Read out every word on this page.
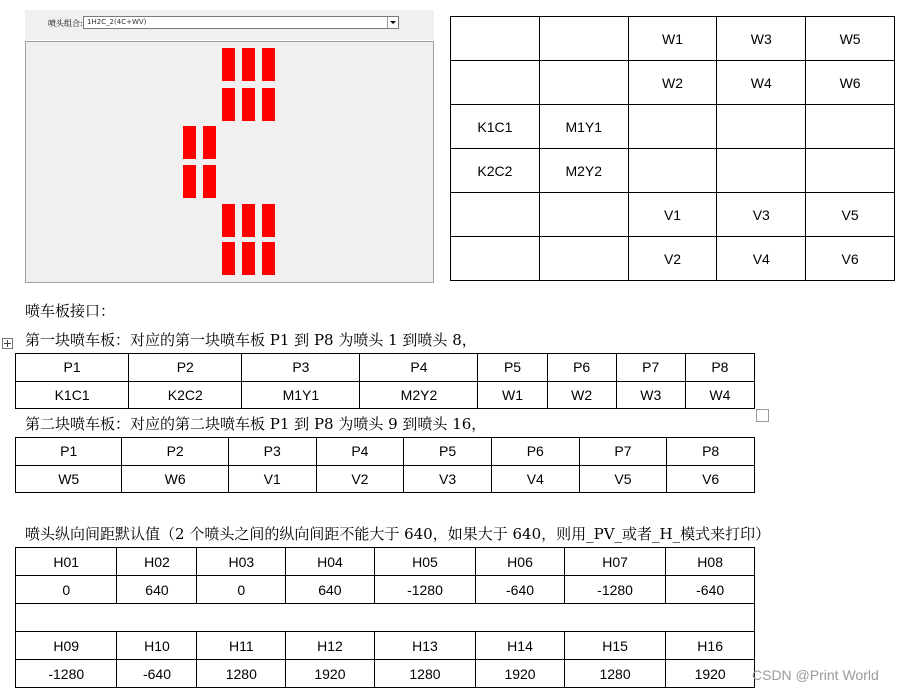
喷头组合: 1H2C_2(4C+WV)
		W1	W3	W5
		W2	W4	W6
K1C1	M1Y1			
K2C2	M2Y2			
		V1	V3	V5
		V2	V4	V6
喷车板接口：
第一块喷车板：对应的第一块喷车板 P1 到 P8 为喷头 1 到喷头 8，
P1	P2	P3	P4	P5	P6	P7	P8
K1C1	K2C2	M1Y1	M2Y2	W1	W2	W3	W4
第二块喷车板：对应的第二块喷车板 P1 到 P8 为喷头 9 到喷头 16，
P1	P2	P3	P4	P5	P6	P7	P8
W5	W6	V1	V2	V3	V4	V5	V6
喷头纵向间距默认值（2 个喷头之间的纵向间距不能大于 640，如果大于 640，则用_PV_或者_H_模式来打印）
H01	H02	H03	H04	H05	H06	H07	H08
0	640	0	640	-1280	-640	-1280	-640

H09	H10	H11	H12	H13	H14	H15	H16
-1280	-640	1280	1920	1280	1920	1280	1920 CSDN @Print World
